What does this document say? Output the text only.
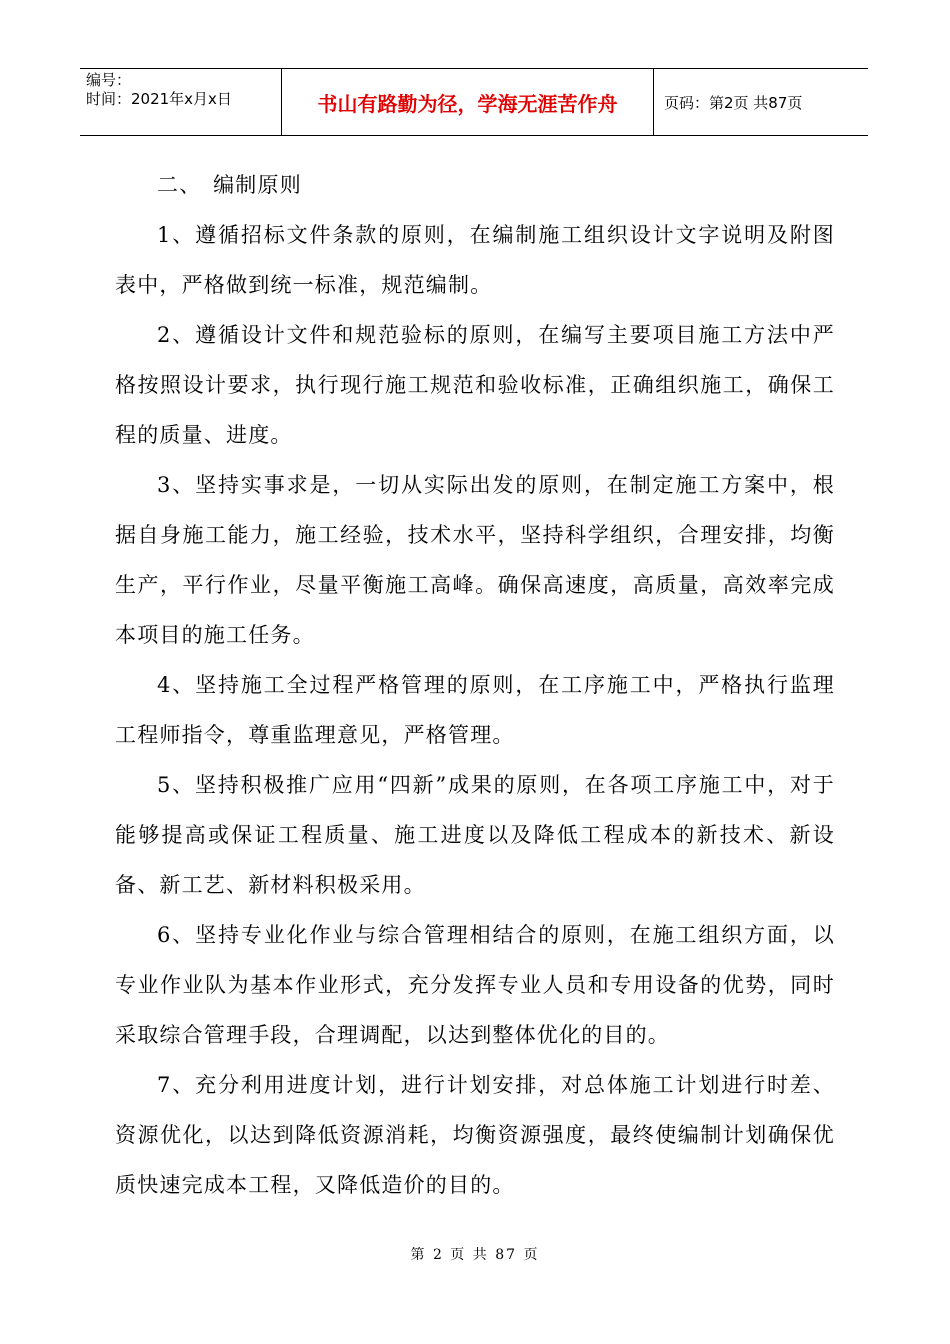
编号：
时间：2021年x月x日	书山有路勤为径，学海无涯苦作舟	页码：第2页 共87页

二、　编制原则

1、遵循招标文件条款的原则，在编制施工组织设计文字说明及附图表中，严格做到统一标准，规范编制。

2、遵循设计文件和规范验标的原则，在编写主要项目施工方法中严格按照设计要求，执行现行施工规范和验收标准，正确组织施工，确保工程的质量、进度。

3、坚持实事求是，一切从实际出发的原则，在制定施工方案中，根据自身施工能力，施工经验，技术水平，坚持科学组织，合理安排，均衡生产，平行作业，尽量平衡施工高峰。确保高速度，高质量，高效率完成本项目的施工任务。

4、坚持施工全过程严格管理的原则，在工序施工中，严格执行监理工程师指令，尊重监理意见，严格管理。

5、坚持积极推广应用“四新”成果的原则，在各项工序施工中，对于能够提高或保证工程质量、施工进度以及降低工程成本的新技术、新设备、新工艺、新材料积极采用。

6、坚持专业化作业与综合管理相结合的原则，在施工组织方面，以专业作业队为基本作业形式，充分发挥专业人员和专用设备的优势，同时采取综合管理手段，合理调配，以达到整体优化的目的。

7、充分利用进度计划，进行计划安排，对总体施工计划进行时差、资源优化，以达到降低资源消耗，均衡资源强度，最终使编制计划确保优质快速完成本工程，又降低造价的目的。

第 2 页 共 87 页
